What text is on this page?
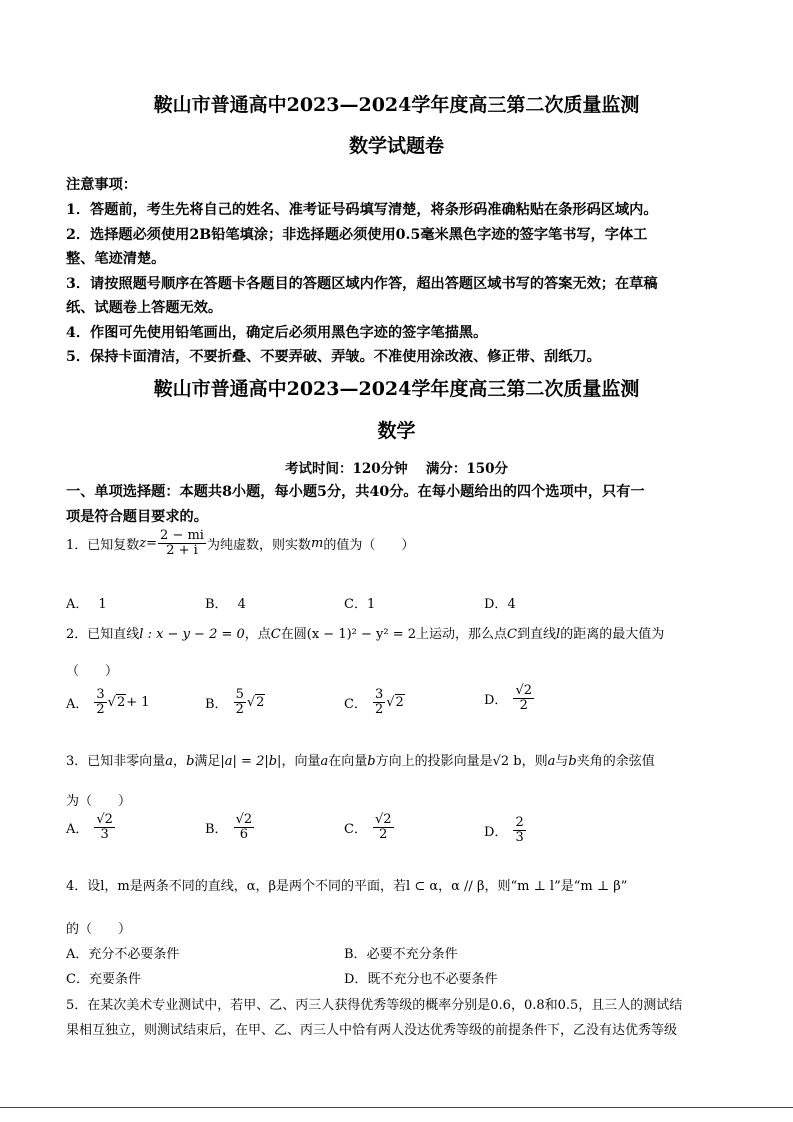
鞍山市普通高中2023—2024学年度高三第二次质量监测
数学试题卷
注意事项：
1．答题前，考生先将自己的姓名、准考证号码填写清楚，将条形码准确粘贴在条形码区域内。
2．选择题必须使用2B铅笔填涂；非选择题必须使用0.5毫米黑色字迹的签字笔书写，字体工
整、笔迹清楚。
3．请按照题号顺序在答题卡各题目的答题区域内作答，超出答题区域书写的答案无效；在草稿
纸、试题卷上答题无效。
4．作图可先使用铅笔画出，确定后必须用黑色字迹的签字笔描黑。
5．保持卡面清洁，不要折叠、不要弄破、弄皱。不准使用涂改液、修正带、刮纸刀。
鞍山市普通高中2023—2024学年度高三第二次质量监测
数学
考试时间：120分钟　 满分：150分
一、单项选择题：本题共8小题，每小题5分，共40分。在每小题给出的四个选项中，只有一
项是符合题目要求的。
1．已知复数 $z = \frac{2 - mi}{2 + i}$ 为纯虚数，则实数 m 的值为（　　）
A． 1	B． 4	C．1	D．4
2．已知直线l : x − y − 2 = 0，点C在圆(x − 1)² − y² = 2上运动，那么点C到直线l的距离的最大值为
（　　）
A． $\frac{3}{2}$ √ 2 + 1	B． $\frac{5}{2}$ √ 2	C． $\frac{3}{2}$ √ 2	D． $\frac{√2}{2}$
3．已知非零向量a，b满足|a| = 2|b|，向量a在向量b方向上的投影向量是√2 b，则a与b夹角的余弦值
为（　　）
A． $\frac{√2}{3}$	B． $\frac{√2}{6}$	C． $\frac{√2}{2}$	D． $\frac{2}{3}$
4．设l，m是两条不同的直线，α，β是两个不同的平面，若l ⊂ α，α // β，则“m ⊥ l”是“m ⊥ β”
的（　　）
A．充分不必要条件	B．必要不充分条件
C．充要条件	D．既不充分也不必要条件
5．在某次美术专业测试中，若甲、乙、丙三人获得优秀等级的概率分别是0.6，0.8和0.5，且三人的测试结
果相互独立，则测试结束后，在甲、乙、丙三人中恰有两人没达优秀等级的前提条件下，乙没有达优秀等级
